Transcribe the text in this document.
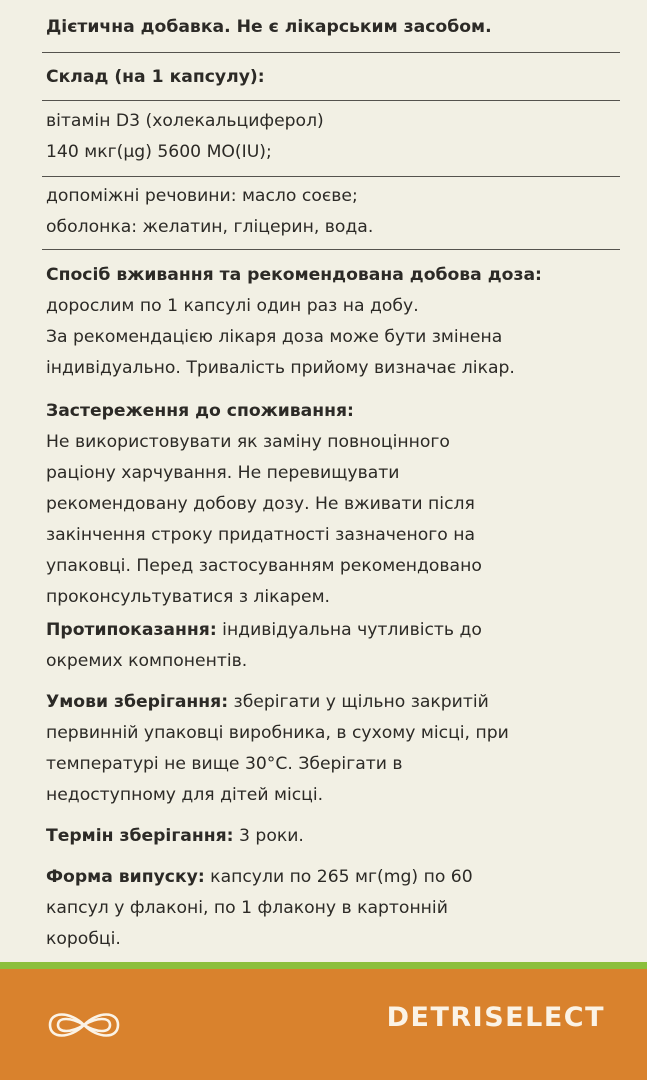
Дієтична добавка. Не є лікарським засобом.

Склад (на 1 капсулу):

вітамін D3 (холекальциферол)

140 мкг(µg) 5600 МО(IU);

допоміжні речовини: масло соєве;

оболонка: желатин, гліцерин, вода.

Спосіб вживання та рекомендована добова доза:

дорослим по 1 капсулі один раз на добу.

За рекомендацією лікаря доза може бути змінена

індивідуально. Тривалість прийому визначає лікар.

Застереження до споживання:

Не використовувати як заміну повноцінного

раціону харчування. Не перевищувати

рекомендовану добову дозу. Не вживати після

закінчення строку придатності зазначеного на

упаковці. Перед застосуванням рекомендовано

проконсультуватися з лікарем.

Протипоказання: індивідуальна чутливість до

окремих компонентів.

Умови зберігання: зберігати у щільно закритій

первинній упаковці виробника, в сухому місці, при

температурі не вище 30°C. Зберігати в

недоступному для дітей місці.

Термін зберігання: 3 роки.

Форма випуску: капсули по 265 мг(mg) по 60

капсул у флаконі, по 1 флакону в картонній

коробці.

DETRISELECT
